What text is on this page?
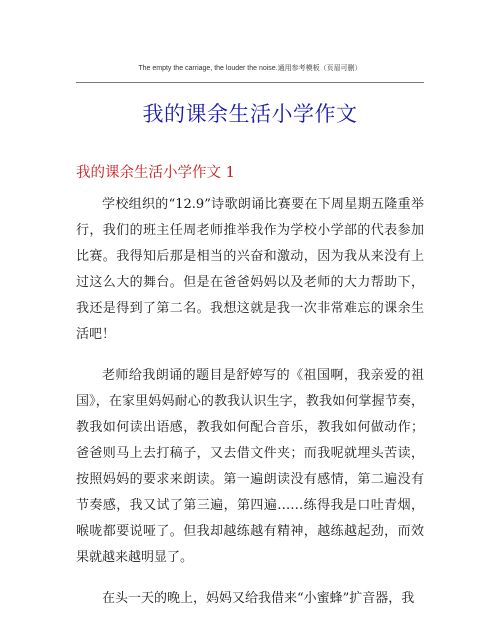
The empty the carriage, the louder the noise.通用参考模板（页眉可删）
我的课余生活小学作文
我的课余生活小学作文 1

学校组织的“12.9”诗歌朗诵比赛要在下周星期五隆重举行，我们的班主任周老师推举我作为学校小学部的代表参加比赛。我得知后那是相当的兴奋和激动，因为我从来没有上过这么大的舞台。但是在爸爸妈妈以及老师的大力帮助下，我还是得到了第二名。我想这就是我一次非常难忘的课余生活吧！

老师给我朗诵的题目是舒婷写的《祖国啊，我亲爱的祖国》，在家里妈妈耐心的教我认识生字，教我如何掌握节奏，教我如何读出语感，教我如何配合音乐，教我如何做动作；爸爸则马上去打稿子，又去借文件夹；而我呢就埋头苦读，按照妈妈的要求来朗读。第一遍朗读没有感情，第二遍没有节奏感，我又试了第三遍，第四遍……练得我是口吐青烟，喉咙都要说哑了。但我却越练越有精神，越练越起劲，而效果就越来越明显了。

在头一天的晚上，妈妈又给我借来“小蜜蜂”扩音器，我
